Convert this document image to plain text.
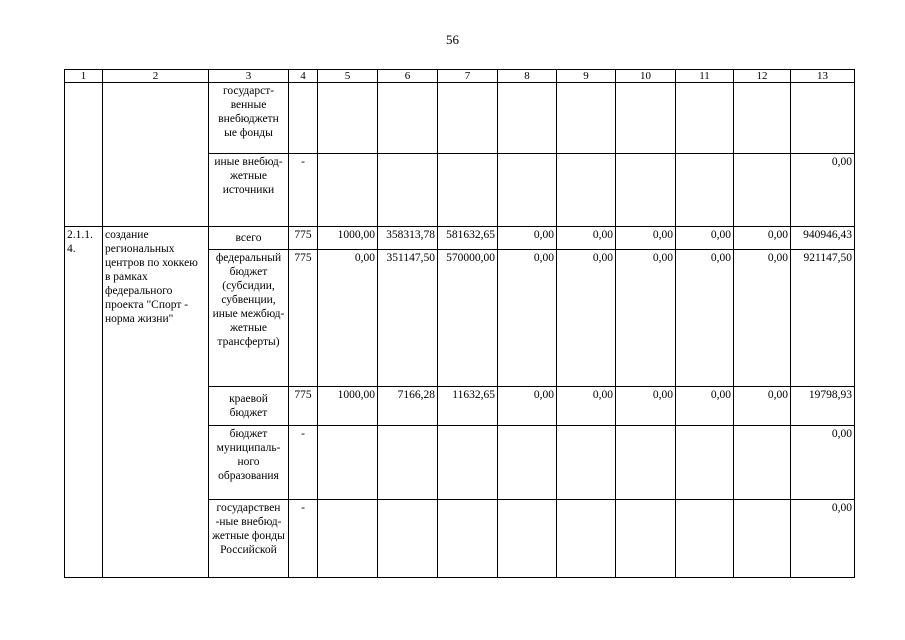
56
1	2	3	4	5	6	7	8	9	10	11	12	13
		государст-венные внебюджетн ые фонды										
		иные внебюд-жетные источники	-									0,00
2.1.1.4.	создание региональных центров по хоккею в рамках федерального проекта "Спорт - норма жизни"	всего	775	1000,00	358313,78	581632,65	0,00	0,00	0,00	0,00	0,00	940946,43
		федеральный бюджет (субсидии, субвенции, иные межбюд-жетные трансферты)	775	0,00	351147,50	570000,00	0,00	0,00	0,00	0,00	0,00	921147,50
		краевой бюджет	775	1000,00	7166,28	11632,65	0,00	0,00	0,00	0,00	0,00	19798,93
		бюджет муниципаль-ного образования	-									0,00
		государствен -ные внебюд-жетные фонды Российской	-									0,00
